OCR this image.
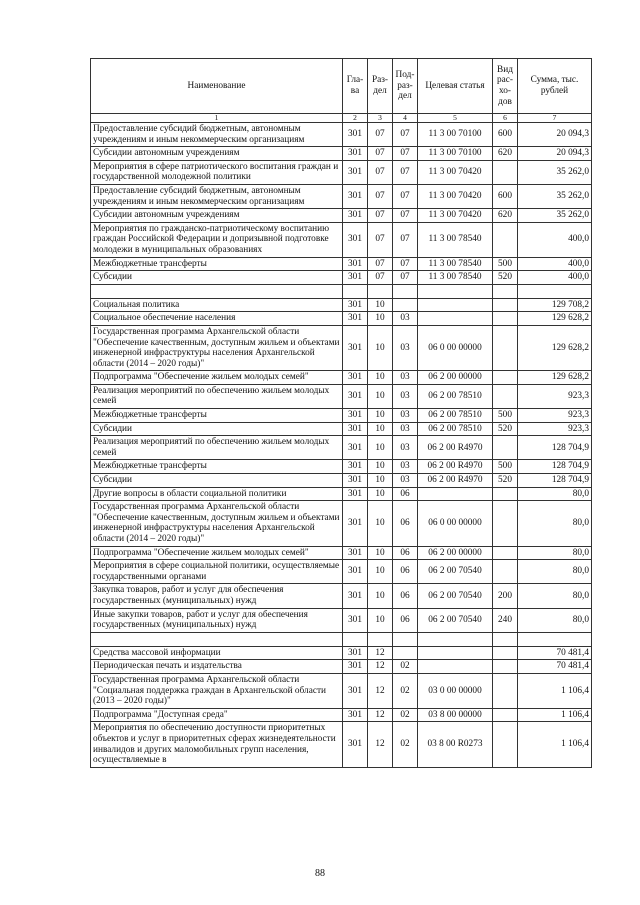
Наименование	Гла-ва	Раз-дел	Под-раз-дел	Целевая статья	Вид рас-хо-дов	Сумма, тыс. рублей
1	2	3	4	5	6	7
Предоставление субсидий бюджетным, автономным учреждениям и иным некоммерческим организациям	301	07	07	11 3 00 70100	600	20 094,3
Субсидии автономным учреждениям	301	07	07	11 3 00 70100	620	20 094,3
Мероприятия в сфере патриотического воспитания граждан и государственной молодежной политики	301	07	07	11 3 00 70420		35 262,0
Предоставление субсидий бюджетным, автономным учреждениям и иным некоммерческим организациям	301	07	07	11 3 00 70420	600	35 262,0
Субсидии автономным учреждениям	301	07	07	11 3 00 70420	620	35 262,0
Мероприятия по гражданско-патриотическому воспитанию граждан Российской Федерации и допризывной подготовке молодежи в муниципальных образованиях	301	07	07	11 3 00 78540		400,0
Межбюджетные трансферты	301	07	07	11 3 00 78540	500	400,0
Субсидии	301	07	07	11 3 00 78540	520	400,0

Социальная политика	301	10				129 708,2
Социальное обеспечение населения	301	10	03			129 628,2
Государственная программа Архангельской области "Обеспечение качественным, доступным жильем и объектами инженерной инфраструктуры населения Архангельской области (2014 – 2020 годы)"	301	10	03	06 0 00 00000		129 628,2
Подпрограмма "Обеспечение жильем молодых семей"	301	10	03	06 2 00 00000		129 628,2
Реализация мероприятий по обеспечению жильем молодых семей	301	10	03	06 2 00 78510		923,3
Межбюджетные трансферты	301	10	03	06 2 00 78510	500	923,3
Субсидии	301	10	03	06 2 00 78510	520	923,3
Реализация мероприятий по обеспечению жильем молодых семей	301	10	03	06 2 00 R4970		128 704,9
Межбюджетные трансферты	301	10	03	06 2 00 R4970	500	128 704,9
Субсидии	301	10	03	06 2 00 R4970	520	128 704,9
Другие вопросы в области социальной политики	301	10	06			80,0
Государственная программа Архангельской области "Обеспечение качественным, доступным жильем и объектами инженерной инфраструктуры населения Архангельской области (2014 – 2020 годы)"	301	10	06	06 0 00 00000		80,0
Подпрограмма "Обеспечение жильем молодых семей"	301	10	06	06 2 00 00000		80,0
Мероприятия в сфере социальной политики, осуществляемые государственными органами	301	10	06	06 2 00 70540		80,0
Закупка товаров, работ и услуг для обеспечения государственных (муниципальных) нужд	301	10	06	06 2 00 70540	200	80,0
Иные закупки товаров, работ и услуг для обеспечения государственных (муниципальных) нужд	301	10	06	06 2 00 70540	240	80,0

Средства массовой информации	301	12				70 481,4
Периодическая печать и издательства	301	12	02			70 481,4
Государственная программа Архангельской области "Социальная поддержка граждан в Архангельской области (2013 – 2020 годы)"	301	12	02	03 0 00 00000		1 106,4
Подпрограмма "Доступная среда"	301	12	02	03 8 00 00000		1 106,4
Мероприятия по обеспечению доступности приоритетных объектов и услуг в приоритетных сферах жизнедеятельности инвалидов и других маломобильных групп населения, осуществляемые в	301	12	02	03 8 00 R0273		1 106,4
88
